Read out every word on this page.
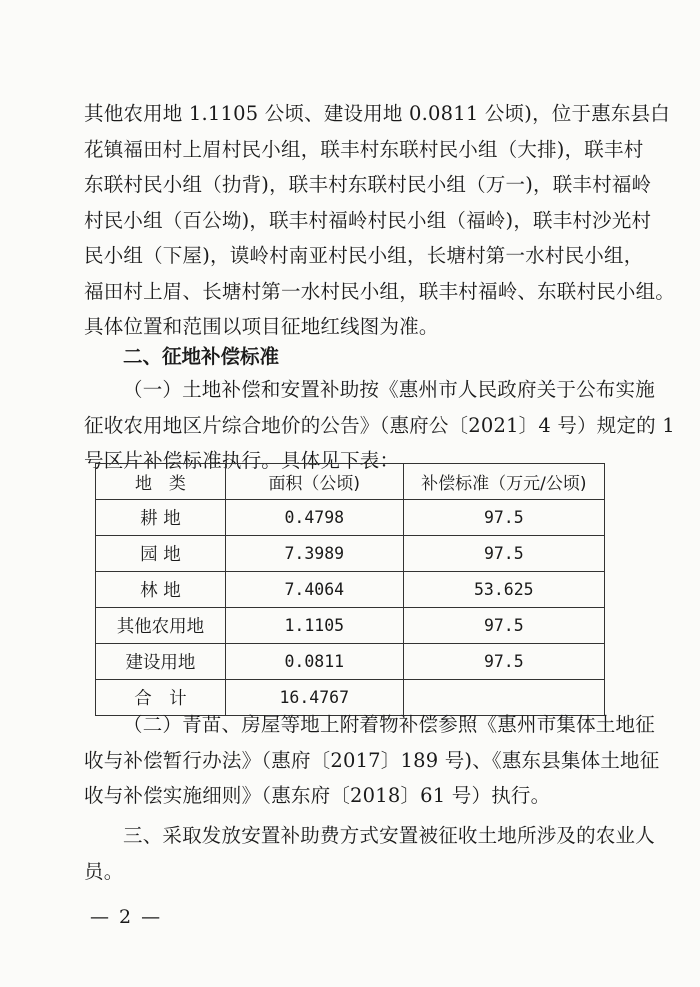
其他农用地 1.1105 公顷、建设用地 0.0811 公顷)，位于惠东县白
花镇福田村上眉村民小组，联丰村东联村民小组（大排)，联丰村
东联村民小组（扐背)，联丰村东联村民小组（万一)，联丰村福岭
村民小组（百公坳)，联丰村福岭村民小组（福岭)，联丰村沙光村
民小组（下屋)，谟岭村南亚村民小组，长塘村第一水村民小组，
福田村上眉、长塘村第一水村民小组，联丰村福岭、东联村民小组。
具体位置和范围以项目征地红线图为准。
二、征地补偿标准
（一）土地补偿和安置补助按《惠州市人民政府关于公布实施
征收农用地区片综合地价的公告》（惠府公〔2021〕4 号）规定的 1
号区片补偿标准执行。具体见下表：
地　类	面积（公顷)	补偿标准（万元/公顷)
耕 地	0.4798	97.5
园 地	7.3989	97.5
林 地	7.4064	53.625
其他农用地	1.1105	97.5
建设用地	0.0811	97.5
合　计	16.4767	
（二）青苗、房屋等地上附着物补偿参照《惠州市集体土地征
收与补偿暂行办法》（惠府〔2017〕189 号)、《惠东县集体土地征
收与补偿实施细则》（惠东府〔2018〕61 号）执行。
三、采取发放安置补助费方式安置被征收土地所涉及的农业人
员。
— 2 —
